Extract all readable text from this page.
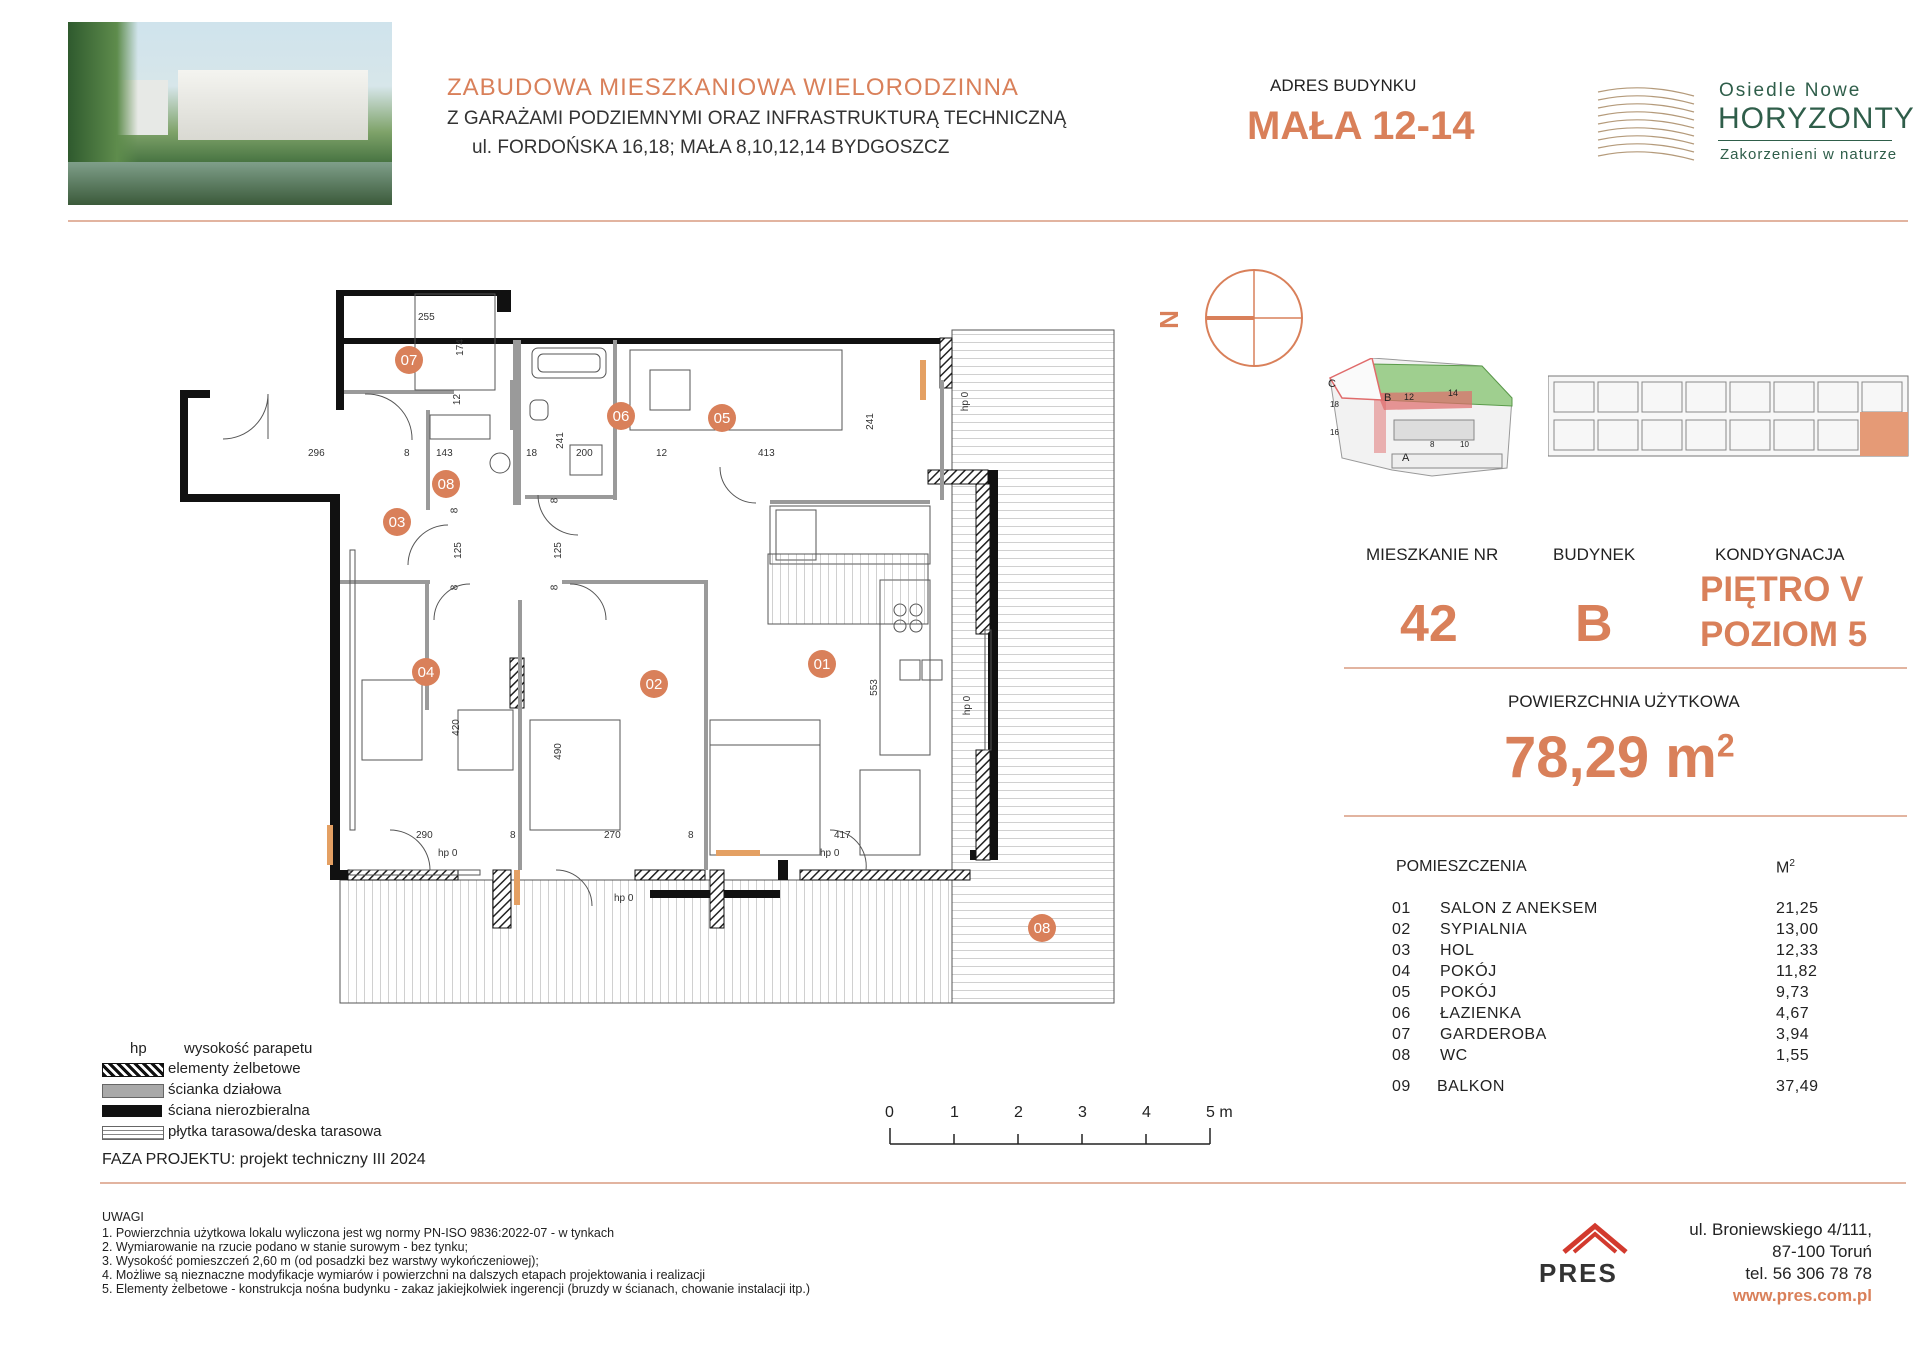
ZABUDOWA MIESZKANIOWA WIELORODZINNA
Z GARAŻAMI PODZIEMNYMI ORAZ INFRASTRUKTURĄ TECHNICZNĄ
ul. FORDOŃSKA 16,18; MAŁA 8,10,12,14 BYDGOSZCZ
ADRES BUDYNKU
MAŁA 12-14
Osiedle Nowe
HORYZONTY
Zakorzenieni w naturze
255
174
12
296	8	143
241
18	200	12	413
241
8
8
125	125
8	8
420
490
553
290	8	270	8	417
hp 0	hp 0
hp 0
hp 0
hp 0
07
06	05
08
03
04
02
01
08
N
C
B 12	14
18
16
A
8	10
MIESZKANIE NR	BUDYNEK	KONDYGNACJA
42 B
PIĘTRO V
POZIOM 5
POWIERZCHNIA UŻYTKOWA
78,29 $m^2$
POMIESZCZENIA	$M^2$
01 SALON Z ANEKSEM	21,25
02 SYPIALNIA	13,00
03 HOL	12,33
04 POKÓJ	11,82
05 POKÓJ	9,73
06 ŁAZIENKA	4,67
07 GARDEROBA	3,94
08 WC	1,55
09 BALKON	37,49
hp wysokość parapetu
elementy żelbetowe
ścianka działowa
ściana nierozbieralna
płytka tarasowa/deska tarasowa
FAZA PROJEKTU: projekt techniczny III 2024
0	1	2	3	4	5 m
UWAGI
1. Powierzchnia użytkowa lokalu wyliczona jest wg normy PN-ISO 9836:2022-07 - w tynkach
2. Wymiarowanie na rzucie podano w stanie surowym - bez tynku;
3. Wysokość pomieszczeń 2,60 m (od posadzki bez warstwy wykończeniowej);
4. Możliwe są nieznaczne modyfikacje wymiarów i powierzchni na dalszych etapach projektowania i realizacji
5. Elementy żelbetowe - konstrukcja nośna budynku - zakaz jakiejkolwiek ingerencji (bruzdy w ścianach, chowanie instalacji itp.)
PRES
ul. Broniewskiego 4/111,
87-100 Toruń
tel. 56 306 78 78
www.pres.com.pl
